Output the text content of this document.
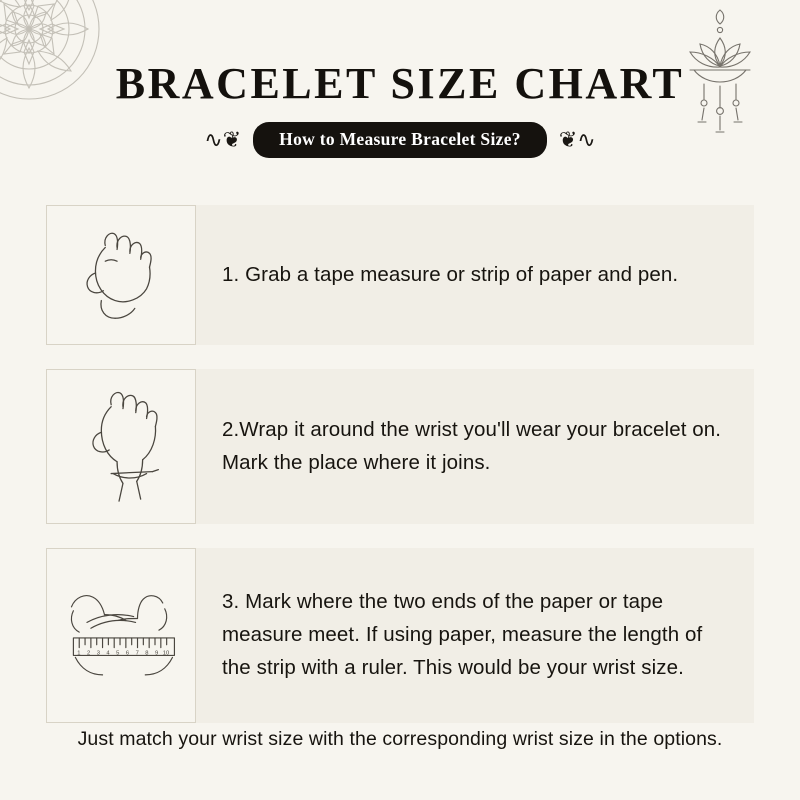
BRACELET SIZE CHART
∿❦	How to Measure Bracelet Size?	❦∿
1. Grab a tape measure or strip of paper and pen.
2.Wrap it around the wrist you'll wear your bracelet on. Mark the place where it joins.
1 2 3 4 5 6 7 8 9 10
3. Mark where the two ends of the paper or tape measure meet. If using paper, measure the length of the strip with a ruler. This would be your wrist size.
Just match your wrist size with the corresponding wrist size in the options.
